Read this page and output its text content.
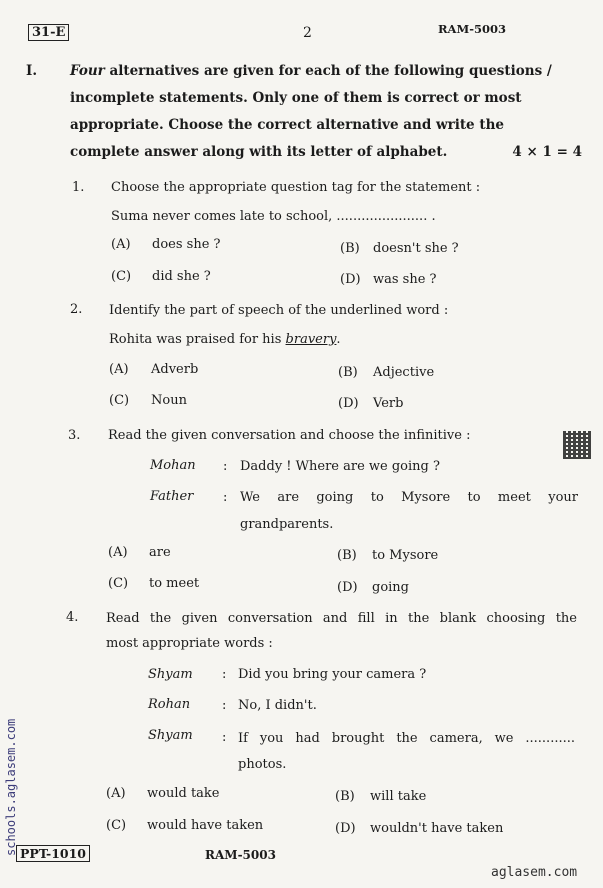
31-E	2	RAM-5003
I. Four alternatives are given for each of the following questions /
incomplete statements. Only one of them is correct or most
appropriate. Choose the correct alternative and write the
complete answer along with its letter of alphabet.	4 × 1 = 4
1. Choose the appropriate question tag for the statement :
Suma never comes late to school, ...................... .
(A) does she ?	(B) doesn't she ?
(C) did she ?	(D) was she ?
2. Identify the part of speech of the underlined word :
Rohita was praised for his bravery.
(A) Adverb	(B) Adjective
(C) Noun	(D) Verb
3. Read the given conversation and choose the infinitive :
Mohan : Daddy ! Where are we going ?
Father : We are going to Mysore to meet your
grandparents.
(A) are	(B) to Mysore
(C) to meet	(D) going
4. Read the given conversation and fill in the blank choosing the
most appropriate words :
Shyam : Did you bring your camera ?
Rohan : No, I didn't.
Shyam : If you had brought the camera, we ............
photos.
(A) would take	(B) will take
(C) would have taken	(D) wouldn't have taken
PPT-1010	RAM-5003
aglasem.com
schools.aglasem.com
